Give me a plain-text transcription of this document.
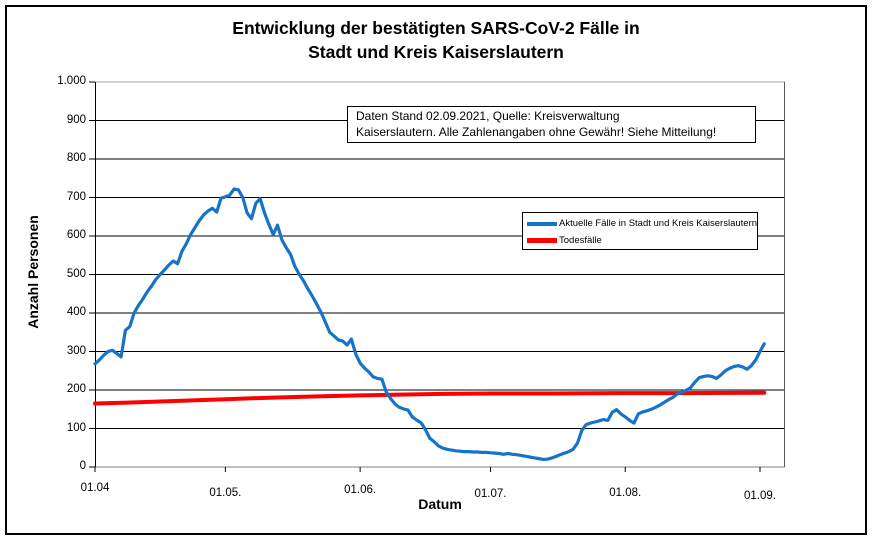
Entwicklung der bestätigten SARS-CoV-2 Fälle in
Stadt und Kreis Kaiserslautern
Anzahl Personen
1.000
900
800
700
600
500
400
300
200
100
0
01.04	01.05.	01.06.	01.07.	01.08.	01.09.
Daten Stand 02.09.2021, Quelle: Kreisverwaltung
Kaiserslautern. Alle Zahlenangaben ohne Gewähr! Siehe Mitteilung!
Aktuelle Fälle in Stadt und Kreis Kaiserslautern
Todesfälle
Datum
